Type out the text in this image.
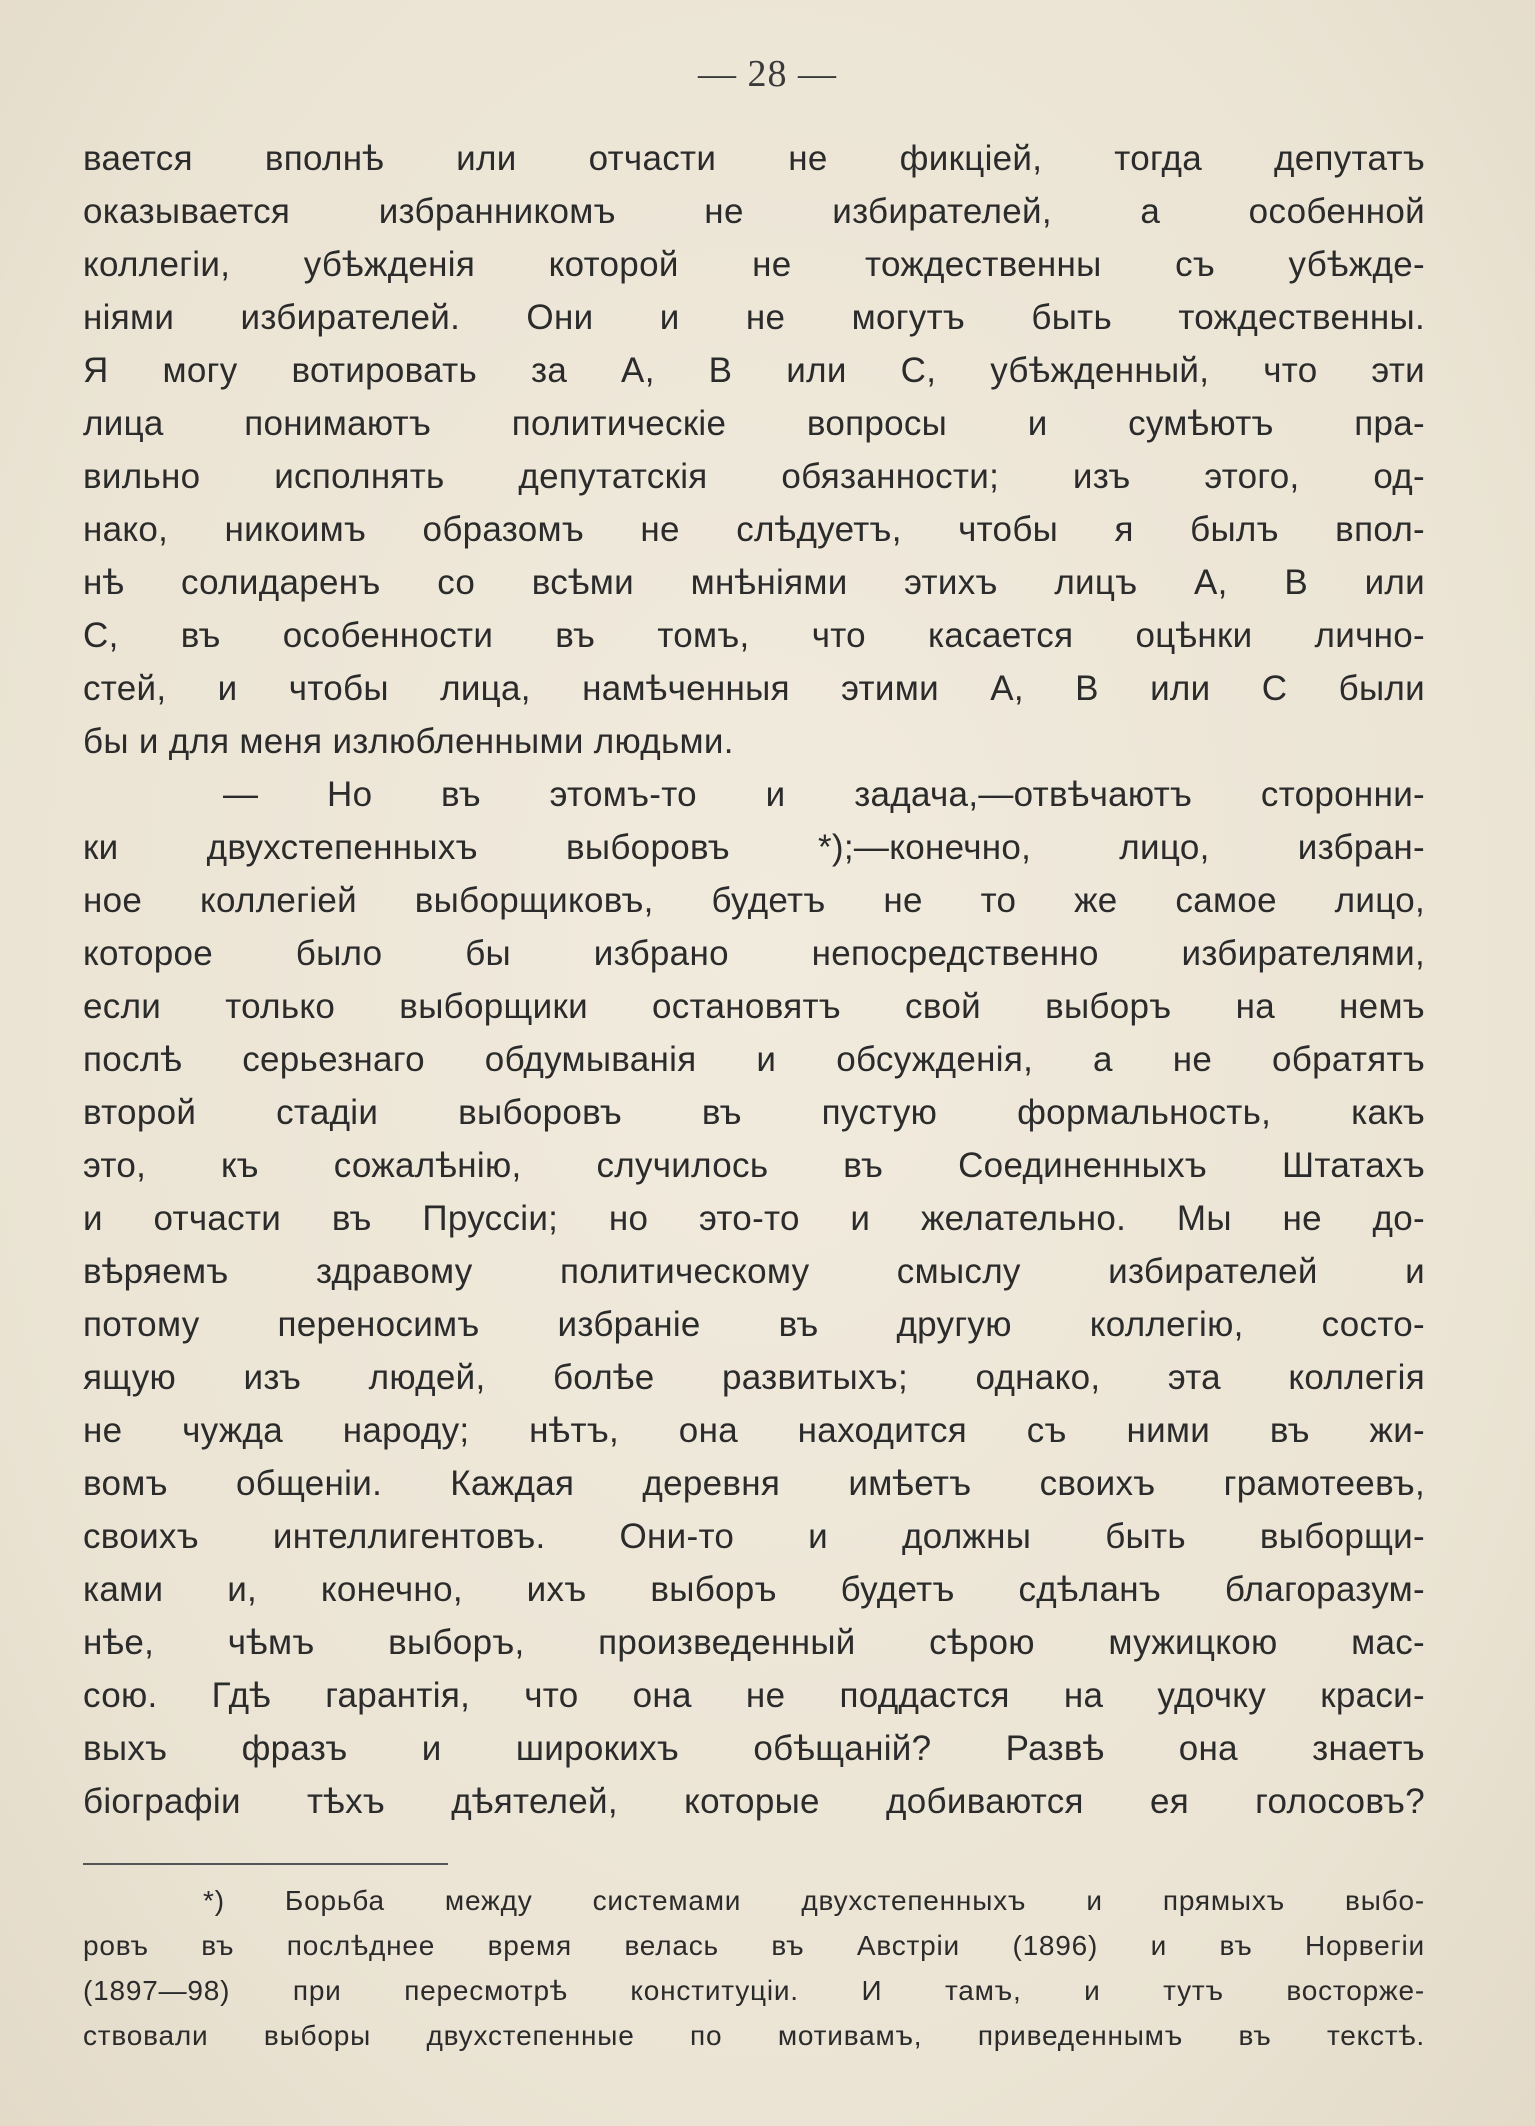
— 28 —
вается вполнѣ или отчасти не фикціей, тогда депутатъ
оказывается избранникомъ не избирателей, а особенной
коллегіи, убѣжденія которой не тождественны съ убѣжде-
ніями избирателей. Они и не могутъ быть тождественны.
Я могу вотировать за А, В или С, убѣжденный, что эти
лица понимаютъ политическіе вопросы и сумѣютъ пра-
вильно исполнять депутатскія обязанности; изъ этого, од-
нако, никоимъ образомъ не слѣдуетъ, чтобы я былъ впол-
нѣ солидаренъ со всѣми мнѣніями этихъ лицъ А, В или
С, въ особенности въ томъ, что касается оцѣнки лично-
стей, и чтобы лица, намѣченныя этими А, В или С были
бы и для меня излюбленными людьми.
— Но въ этомъ-то и задача,—отвѣчаютъ сторонни-
ки двухстепенныхъ выборовъ *);—конечно, лицо, избран-
ное коллегіей выборщиковъ, будетъ не то же самое лицо,
которое было бы избрано непосредственно избирателями,
если только выборщики остановятъ свой выборъ на немъ
послѣ серьезнаго обдумыванія и обсужденія, а не обратятъ
второй стадіи выборовъ въ пустую формальность, какъ
это, къ сожалѣнію, случилось въ Соединенныхъ Штатахъ
и отчасти въ Пруссіи; но это-то и желательно. Мы не до-
вѣряемъ здравому политическому смыслу избирателей и
потому переносимъ избраніе въ другую коллегію, состо-
ящую изъ людей, болѣе развитыхъ; однако, эта коллегія
не чужда народу; нѣтъ, она находится съ ними въ жи-
вомъ общеніи. Каждая деревня имѣетъ своихъ грамотеевъ,
своихъ интеллигентовъ. Они-то и должны быть выборщи-
ками и, конечно, ихъ выборъ будетъ сдѣланъ благоразум-
нѣе, чѣмъ выборъ, произведенный сѣрою мужицкою мас-
сою. Гдѣ гарантія, что она не поддастся на удочку краси-
выхъ фразъ и широкихъ обѣщаній? Развѣ она знаетъ
біографіи тѣхъ дѣятелей, которые добиваются ея голосовъ?
*) Борьба между системами двухстепенныхъ и прямыхъ выбо-
ровъ въ послѣднее время велась въ Австріи (1896) и въ Норвегіи
(1897—98) при пересмотрѣ конституціи. И тамъ, и тутъ восторже-
ствовали выборы двухстепенные по мотивамъ, приведеннымъ въ текстѣ.
